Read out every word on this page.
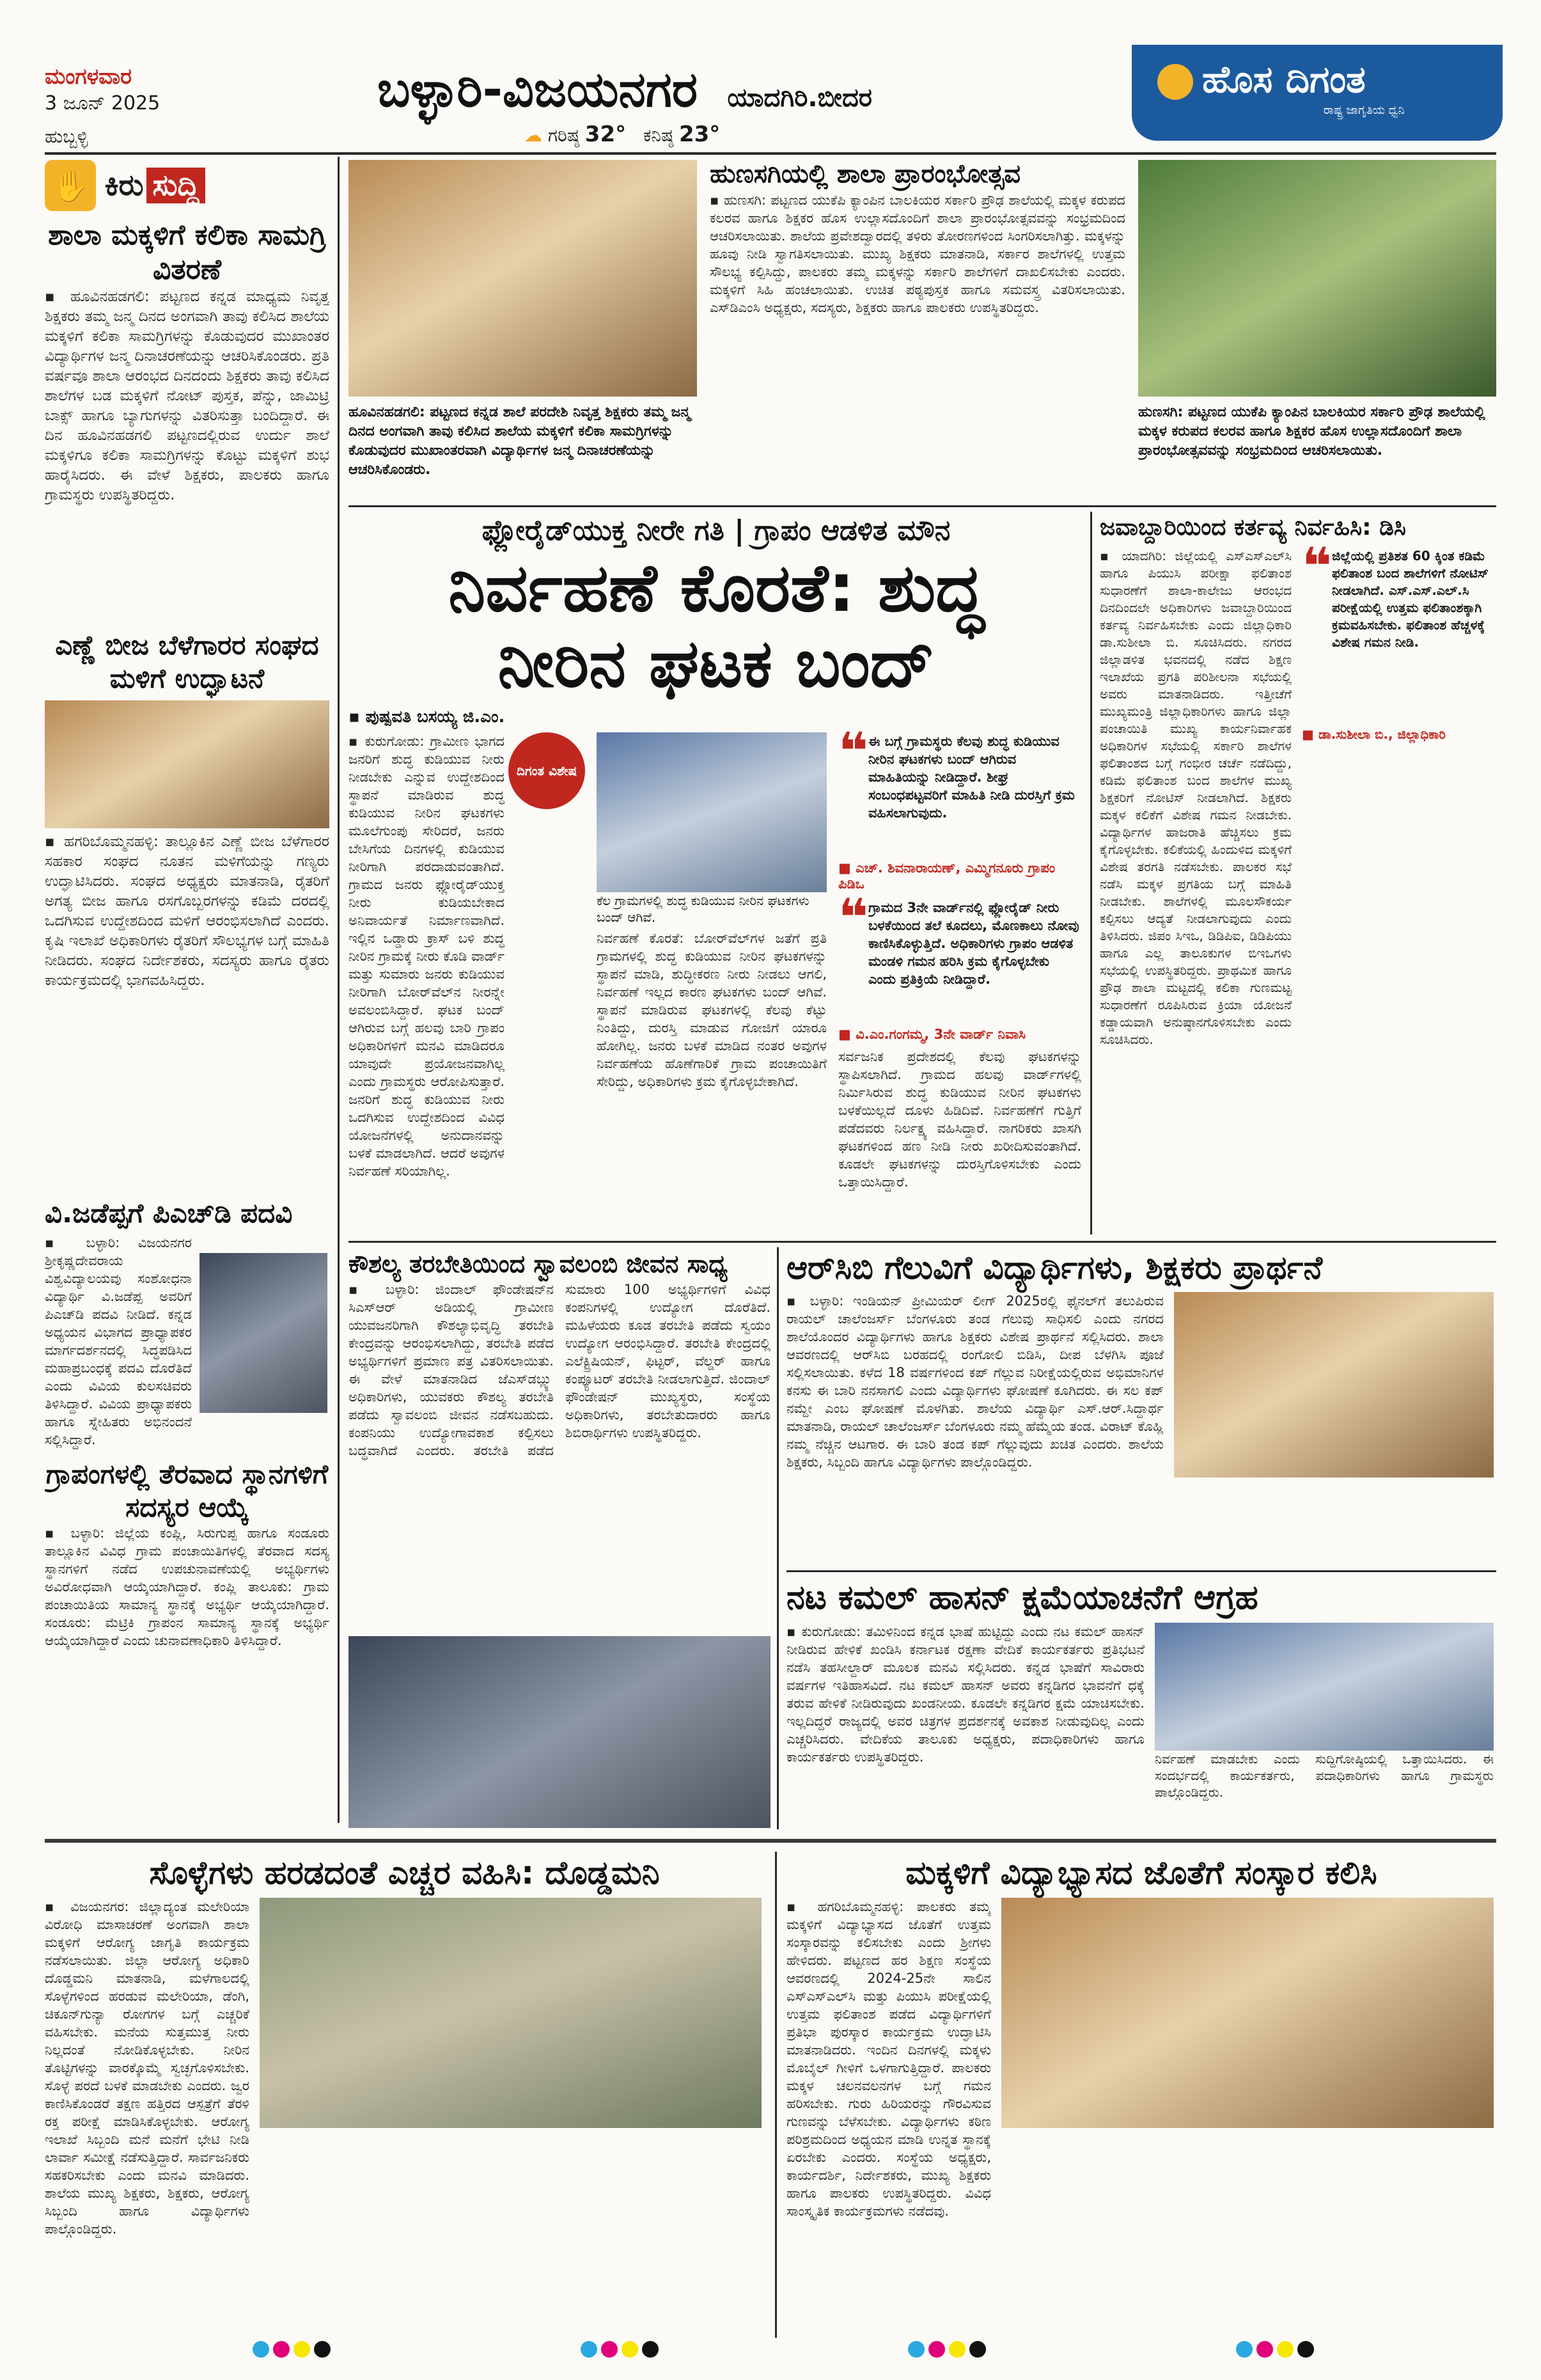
ಮಂಗಳವಾರ
3 ಜೂನ್ 2025
ಹುಬ್ಬಳ್ಳಿ
ಬಳ್ಳಾರಿ-ವಿಜಯನಗರ ಯಾದಗಿರಿ.ಬೀದರ
☁ ಗರಿಷ್ಠ 32° ಕನಿಷ್ಠ 23°
ಹೊಸ ದಿಗಂತ
ರಾಷ್ಟ್ರ ಜಾಗೃತಿಯ ಧ್ವನಿ
10
✋ ಕಿರು ಸುದ್ದಿ
ಶಾಲಾ ಮಕ್ಕಳಿಗೆ ಕಲಿಕಾ ಸಾಮಗ್ರಿ ವಿತರಣೆ
▪ ಹೂವಿನಹಡಗಲಿ: ಪಟ್ಟಣದ ಕನ್ನಡ ಮಾಧ್ಯಮ ನಿವೃತ್ತ ಶಿಕ್ಷಕರು ತಮ್ಮ ಜನ್ಮ ದಿನದ ಅಂಗವಾಗಿ ತಾವು ಕಲಿಸಿದ ಶಾಲೆಯ ಮಕ್ಕಳಿಗೆ ಕಲಿಕಾ ಸಾಮಗ್ರಿಗಳನ್ನು ಕೊಡುವುದರ ಮುಖಾಂತರ ವಿದ್ಯಾರ್ಥಿಗಳ ಜನ್ಮ ದಿನಾಚರಣೆಯನ್ನು ಆಚರಿಸಿಕೊಂಡರು. ಪ್ರತಿ ವರ್ಷವೂ ಶಾಲಾ ಆರಂಭದ ದಿನದಂದು ಶಿಕ್ಷಕರು ತಾವು ಕಲಿಸಿದ ಶಾಲೆಗಳ ಬಡ ಮಕ್ಕಳಿಗೆ ನೋಟ್ ಪುಸ್ತಕ, ಪೆನ್ನು, ಜಾಮಿಟ್ರಿ ಬಾಕ್ಸ್ ಹಾಗೂ ಬ್ಯಾಗುಗಳನ್ನು ವಿತರಿಸುತ್ತಾ ಬಂದಿದ್ದಾರೆ. ಈ ದಿನ ಹೂವಿನಹಡಗಲಿ ಪಟ್ಟಣದಲ್ಲಿರುವ ಉರ್ದು ಶಾಲೆ ಮಕ್ಕಳಿಗೂ ಕಲಿಕಾ ಸಾಮಗ್ರಿಗಳನ್ನು ಕೊಟ್ಟು ಮಕ್ಕಳಿಗೆ ಶುಭ ಹಾರೈಸಿದರು. ಈ ವೇಳೆ ಶಿಕ್ಷಕರು, ಪಾಲಕರು ಹಾಗೂ ಗ್ರಾಮಸ್ಥರು ಉಪಸ್ಥಿತರಿದ್ದರು.
ಎಣ್ಣೆ ಬೀಜ ಬೆಳೆಗಾರರ ಸಂಘದ ಮಳಿಗೆ ಉದ್ಘಾಟನೆ
▪ ಹಗರಿಬೊಮ್ಮನಹಳ್ಳಿ: ತಾಲ್ಲೂಕಿನ ಎಣ್ಣೆ ಬೀಜ ಬೆಳೆಗಾರರ ಸಹಕಾರ ಸಂಘದ ನೂತನ ಮಳಿಗೆಯನ್ನು ಗಣ್ಯರು ಉದ್ಘಾಟಿಸಿದರು. ಸಂಘದ ಅಧ್ಯಕ್ಷರು ಮಾತನಾಡಿ, ರೈತರಿಗೆ ಅಗತ್ಯ ಬೀಜ ಹಾಗೂ ರಸಗೊಬ್ಬರಗಳನ್ನು ಕಡಿಮೆ ದರದಲ್ಲಿ ಒದಗಿಸುವ ಉದ್ದೇಶದಿಂದ ಮಳಿಗೆ ಆರಂಭಿಸಲಾಗಿದೆ ಎಂದರು. ಕೃಷಿ ಇಲಾಖೆ ಅಧಿಕಾರಿಗಳು ರೈತರಿಗೆ ಸೌಲಭ್ಯಗಳ ಬಗ್ಗೆ ಮಾಹಿತಿ ನೀಡಿದರು. ಸಂಘದ ನಿರ್ದೇಶಕರು, ಸದಸ್ಯರು ಹಾಗೂ ರೈತರು ಕಾರ್ಯಕ್ರಮದಲ್ಲಿ ಭಾಗವಹಿಸಿದ್ದರು.
ವಿ.ಜಡೆಪ್ಪಗೆ ಪಿಎಚ್‌ಡಿ ಪದವಿ
▪ ಬಳ್ಳಾರಿ: ವಿಜಯನಗರ ಶ್ರೀಕೃಷ್ಣದೇವರಾಯ ವಿಶ್ವವಿದ್ಯಾಲಯವು ಸಂಶೋಧನಾ ವಿದ್ಯಾರ್ಥಿ ವಿ.ಜಡೆಪ್ಪ ಅವರಿಗೆ ಪಿಎಚ್‌ಡಿ ಪದವಿ ನೀಡಿದೆ. ಕನ್ನಡ ಅಧ್ಯಯನ ವಿಭಾಗದ ಪ್ರಾಧ್ಯಾಪಕರ ಮಾರ್ಗದರ್ಶನದಲ್ಲಿ ಸಿದ್ಧಪಡಿಸಿದ ಮಹಾಪ್ರಬಂಧಕ್ಕೆ ಪದವಿ ದೊರೆತಿದೆ ಎಂದು ವಿವಿಯ ಕುಲಸಚಿವರು ತಿಳಿಸಿದ್ದಾರೆ. ವಿವಿಯ ಪ್ರಾಧ್ಯಾಪಕರು ಹಾಗೂ ಸ್ನೇಹಿತರು ಅಭಿನಂದನೆ ಸಲ್ಲಿಸಿದ್ದಾರೆ.
ಗ್ರಾಪಂಗಳಲ್ಲಿ ತೆರವಾದ ಸ್ಥಾನಗಳಿಗೆ ಸದಸ್ಯರ ಆಯ್ಕೆ
▪ ಬಳ್ಳಾರಿ: ಜಿಲ್ಲೆಯ ಕಂಪ್ಲಿ, ಸಿರುಗುಪ್ಪ ಹಾಗೂ ಸಂಡೂರು ತಾಲ್ಲೂಕಿನ ವಿವಿಧ ಗ್ರಾಮ ಪಂಚಾಯಿತಿಗಳಲ್ಲಿ ತೆರವಾದ ಸದಸ್ಯ ಸ್ಥಾನಗಳಿಗೆ ನಡೆದ ಉಪಚುನಾವಣೆಯಲ್ಲಿ ಅಭ್ಯರ್ಥಿಗಳು ಅವಿರೋಧವಾಗಿ ಆಯ್ಕೆಯಾಗಿದ್ದಾರೆ. ಕಂಪ್ಲಿ ತಾಲೂಕು: ಗ್ರಾಮ ಪಂಚಾಯಿತಿಯ ಸಾಮಾನ್ಯ ಸ್ಥಾನಕ್ಕೆ ಅಭ್ಯರ್ಥಿ ಆಯ್ಕೆಯಾಗಿದ್ದಾರೆ. ಸಂಡೂರು: ಮೆಟ್ರಿಕಿ ಗ್ರಾಪಂನ ಸಾಮಾನ್ಯ ಸ್ಥಾನಕ್ಕೆ ಅಭ್ಯರ್ಥಿ ಆಯ್ಕೆಯಾಗಿದ್ದಾರೆ ಎಂದು ಚುನಾವಣಾಧಿಕಾರಿ ತಿಳಿಸಿದ್ದಾರೆ.
ಹೂವಿನಹಡಗಲಿ: ಪಟ್ಟಣದ ಕನ್ನಡ ಶಾಲೆ ಪರದೇಶಿ ನಿವೃತ್ತ ಶಿಕ್ಷಕರು ತಮ್ಮ ಜನ್ಮ ದಿನದ ಅಂಗವಾಗಿ ತಾವು ಕಲಿಸಿದ ಶಾಲೆಯ ಮಕ್ಕಳಿಗೆ ಕಲಿಕಾ ಸಾಮಗ್ರಿಗಳನ್ನು ಕೊಡುವುದರ ಮುಖಾಂತರವಾಗಿ ವಿದ್ಯಾರ್ಥಿಗಳ ಜನ್ಮ ದಿನಾಚರಣೆಯನ್ನು ಆಚರಿಸಿಕೊಂಡರು.
ಹುಣಸಗಿಯಲ್ಲಿ ಶಾಲಾ ಪ್ರಾರಂಭೋತ್ಸವ
▪ ಹುಣಸಗಿ: ಪಟ್ಟಣದ ಯುಕೆಪಿ ಕ್ಯಾಂಪಿನ ಬಾಲಕಿಯರ ಸರ್ಕಾರಿ ಪ್ರೌಢ ಶಾಲೆಯಲ್ಲಿ ಮಕ್ಕಳ ಕರುಪದ ಕಲರವ ಹಾಗೂ ಶಿಕ್ಷಕರ ಹೊಸ ಉಲ್ಲಾಸದೊಂದಿಗೆ ಶಾಲಾ ಪ್ರಾರಂಭೋತ್ಸವವನ್ನು ಸಂಭ್ರಮದಿಂದ ಆಚರಿಸಲಾಯಿತು. ಶಾಲೆಯ ಪ್ರವೇಶದ್ವಾರದಲ್ಲಿ ತಳಿರು ತೋರಣಗಳಿಂದ ಸಿಂಗರಿಸಲಾಗಿತ್ತು. ಮಕ್ಕಳನ್ನು ಹೂವು ನೀಡಿ ಸ್ವಾಗತಿಸಲಾಯಿತು. ಮುಖ್ಯ ಶಿಕ್ಷಕರು ಮಾತನಾಡಿ, ಸರ್ಕಾರ ಶಾಲೆಗಳಲ್ಲಿ ಉತ್ತಮ ಸೌಲಭ್ಯ ಕಲ್ಪಿಸಿದ್ದು, ಪಾಲಕರು ತಮ್ಮ ಮಕ್ಕಳನ್ನು ಸರ್ಕಾರಿ ಶಾಲೆಗಳಿಗೆ ದಾಖಲಿಸಬೇಕು ಎಂದರು. ಮಕ್ಕಳಿಗೆ ಸಿಹಿ ಹಂಚಲಾಯಿತು. ಉಚಿತ ಪಠ್ಯಪುಸ್ತಕ ಹಾಗೂ ಸಮವಸ್ತ್ರ ವಿತರಿಸಲಾಯಿತು. ಎಸ್‌ಡಿಎಂಸಿ ಅಧ್ಯಕ್ಷರು, ಸದಸ್ಯರು, ಶಿಕ್ಷಕರು ಹಾಗೂ ಪಾಲಕರು ಉಪಸ್ಥಿತರಿದ್ದರು.
ಹುಣಸಗಿ: ಪಟ್ಟಣದ ಯುಕೆಪಿ ಕ್ಯಾಂಪಿನ ಬಾಲಕಿಯರ ಸರ್ಕಾರಿ ಪ್ರೌಢ ಶಾಲೆಯಲ್ಲಿ ಮಕ್ಕಳ ಕರುಪದ ಕಲರವ ಹಾಗೂ ಶಿಕ್ಷಕರ ಹೊಸ ಉಲ್ಲಾಸದೊಂದಿಗೆ ಶಾಲಾ ಪ್ರಾರಂಭೋತ್ಸವವನ್ನು ಸಂಭ್ರಮದಿಂದ ಆಚರಿಸಲಾಯಿತು.
ಫ್ಲೋರೈಡ್‌ಯುಕ್ತ ನೀರೇ ಗತಿ | ಗ್ರಾಪಂ ಆಡಳಿತ ಮೌನ
ನಿರ್ವಹಣೆ ಕೊರತೆ: ಶುದ್ಧ
ನೀರಿನ ಘಟಕ ಬಂದ್
▪ ಪುಷ್ಪವತಿ ಬಸಯ್ಯ ಜಿ.ಎಂ.
ದಿಗಂತ ವಿಶೇಷ
▪ ಕುರುಗೋಡು: ಗ್ರಾಮೀಣ ಭಾಗದ ಜನರಿಗೆ ಶುದ್ಧ ಕುಡಿಯುವ ನೀರು ನೀಡಬೇಕು ಎನ್ನುವ ಉದ್ದೇಶದಿಂದ ಸ್ಥಾಪನೆ ಮಾಡಿರುವ ಶುದ್ಧ ಕುಡಿಯುವ ನೀರಿನ ಘಟಕಗಳು ಮೂಲೆಗುಂಪು ಸೇರಿದರೆ, ಜನರು ಬೇಸಿಗೆಯ ದಿನಗಳಲ್ಲಿ ಕುಡಿಯುವ ನೀರಿಗಾಗಿ ಪರದಾಡುವಂತಾಗಿದೆ. ಗ್ರಾಮದ ಜನರು ಫ್ಲೋರೈಡ್‌ಯುಕ್ತ ನೀರು ಕುಡಿಯಬೇಕಾದ ಅನಿವಾರ್ಯತೆ ನಿರ್ಮಾಣವಾಗಿದೆ. ಇಲ್ಲಿನ ಒಡ್ಡಾರು ಕ್ರಾಸ್ ಬಳಿ ಶುದ್ಧ ನೀರಿನ ಗ್ರಾಮಕ್ಕೆ ನೀರು ಕೊಡಿ ವಾರ್ಡ್ ಮತ್ತು ಸುಮಾರು ಜನರು ಕುಡಿಯುವ ನೀರಿಗಾಗಿ ಬೋರ್‌ವೆಲ್‌ನ ನೀರನ್ನೇ ಅವಲಂಬಿಸಿದ್ದಾರೆ. ಘಟಕ ಬಂದ್ ಆಗಿರುವ ಬಗ್ಗೆ ಹಲವು ಬಾರಿ ಗ್ರಾಪಂ ಅಧಿಕಾರಿಗಳಿಗೆ ಮನವಿ ಮಾಡಿದರೂ ಯಾವುದೇ ಪ್ರಯೋಜನವಾಗಿಲ್ಲ ಎಂದು ಗ್ರಾಮಸ್ಥರು ಆರೋಪಿಸುತ್ತಾರೆ. ಜನರಿಗೆ ಶುದ್ಧ ಕುಡಿಯುವ ನೀರು ಒದಗಿಸುವ ಉದ್ದೇಶದಿಂದ ವಿವಿಧ ಯೋಜನೆಗಳಲ್ಲಿ ಅನುದಾನವನ್ನು ಬಳಕೆ ಮಾಡಲಾಗಿದೆ. ಆದರೆ ಅವುಗಳ ನಿರ್ವಹಣೆ ಸರಿಯಾಗಿಲ್ಲ.
ಕೆಲ ಗ್ರಾಮಗಳಲ್ಲಿ ಶುದ್ಧ ಕುಡಿಯುವ ನೀರಿನ ಘಟಕಗಳು ಬಂದ್ ಆಗಿವೆ.
ನಿರ್ವಹಣೆ ಕೊರತೆ: ಬೋರ್‌ವೆಲ್‌ಗಳ ಜತೆಗೆ ಪ್ರತಿ ಗ್ರಾಮಗಳಲ್ಲಿ ಶುದ್ಧ ಕುಡಿಯುವ ನೀರಿನ ಘಟಕಗಳನ್ನು ಸ್ಥಾಪನೆ ಮಾಡಿ, ಶುದ್ಧೀಕರಣ ನೀರು ನೀಡಲು ಆಗಲಿ, ನಿರ್ವಹಣೆ ಇಲ್ಲದ ಕಾರಣ ಘಟಕಗಳು ಬಂದ್ ಆಗಿವೆ. ಸ್ಥಾಪನೆ ಮಾಡಿರುವ ಘಟಕಗಳಲ್ಲಿ ಕೆಲವು ಕೆಟ್ಟು ನಿಂತಿದ್ದು, ದುರಸ್ತಿ ಮಾಡುವ ಗೋಜಿಗೆ ಯಾರೂ ಹೋಗಿಲ್ಲ. ಜನರು ಬಳಕೆ ಮಾಡಿದ ನಂತರ ಅವುಗಳ ನಿರ್ವಹಣೆಯ ಹೊಣೆಗಾರಿಕೆ ಗ್ರಾಮ ಪಂಚಾಯಿತಿಗೆ ಸೇರಿದ್ದು, ಅಧಿಕಾರಿಗಳು ಕ್ರಮ ಕೈಗೊಳ್ಳಬೇಕಾಗಿದೆ.
❝ ಈ ಬಗ್ಗೆ ಗ್ರಾಮಸ್ಥರು ಕೆಲವು ಶುದ್ಧ ಕುಡಿಯುವ ನೀರಿನ ಘಟಕಗಳು ಬಂದ್ ಆಗಿರುವ ಮಾಹಿತಿಯನ್ನು ನೀಡಿದ್ದಾರೆ. ಶೀಘ್ರ ಸಂಬಂಧಪಟ್ಟವರಿಗೆ ಮಾಹಿತಿ ನೀಡಿ ದುರಸ್ತಿಗೆ ಕ್ರಮ ವಹಿಸಲಾಗುವುದು.
■ ಎಚ್. ಶಿವನಾರಾಯಣ್, ಎಮ್ಮಿಗನೂರು ಗ್ರಾಪಂ ಪಿಡಿಒ
❝ ಗ್ರಾಮದ 3ನೇ ವಾರ್ಡ್‌ನಲ್ಲಿ ಫ್ಲೋರೈಡ್ ನೀರು ಬಳಕೆಯಿಂದ ತಲೆ ಕೂದಲು, ಮೊಣಕಾಲು ನೋವು ಕಾಣಿಸಿಕೊಳ್ಳುತ್ತಿದೆ. ಅಧಿಕಾರಿಗಳು ಗ್ರಾಪಂ ಆಡಳಿತ ಮಂಡಳಿ ಗಮನ ಹರಿಸಿ ಕ್ರಮ ಕೈಗೊಳ್ಳಬೇಕು ಎಂದು ಪ್ರತಿಕ್ರಿಯೆ ನೀಡಿದ್ದಾರೆ.
■ ವಿ.ಎಂ.ಗಂಗಮ್ಮ, 3ನೇ ವಾರ್ಡ್ ನಿವಾಸಿ
ಸರ್ವಜನಿಕ ಪ್ರದೇಶದಲ್ಲಿ ಕೆಲವು ಘಟಕಗಳನ್ನು ಸ್ಥಾಪಿಸಲಾಗಿದೆ. ಗ್ರಾಮದ ಹಲವು ವಾರ್ಡ್‌ಗಳಲ್ಲಿ ನಿರ್ಮಿಸಿರುವ ಶುದ್ಧ ಕುಡಿಯುವ ನೀರಿನ ಘಟಕಗಳು ಬಳಕೆಯಿಲ್ಲದೆ ದೂಳು ಹಿಡಿದಿವೆ. ನಿರ್ವಹಣೆಗೆ ಗುತ್ತಿಗೆ ಪಡೆದವರು ನಿರ್ಲಕ್ಷ್ಯ ವಹಿಸಿದ್ದಾರೆ. ನಾಗರಿಕರು ಖಾಸಗಿ ಘಟಕಗಳಿಂದ ಹಣ ನೀಡಿ ನೀರು ಖರೀದಿಸುವಂತಾಗಿದೆ. ಕೂಡಲೇ ಘಟಕಗಳನ್ನು ದುರಸ್ತಿಗೊಳಿಸಬೇಕು ಎಂದು ಒತ್ತಾಯಿಸಿದ್ದಾರೆ.
ಜವಾಬ್ದಾರಿಯಿಂದ ಕರ್ತವ್ಯ ನಿರ್ವಹಿಸಿ: ಡಿಸಿ
▪ ಯಾದಗಿರಿ: ಜಿಲ್ಲೆಯಲ್ಲಿ ಎಸ್ಎಸ್ಎಲ್‌ಸಿ ಹಾಗೂ ಪಿಯುಸಿ ಪರೀಕ್ಷಾ ಫಲಿತಾಂಶ ಸುಧಾರಣೆಗೆ ಶಾಲಾ-ಕಾಲೇಜು ಆರಂಭದ ದಿನದಿಂದಲೇ ಅಧಿಕಾರಿಗಳು ಜವಾಬ್ದಾರಿಯಿಂದ ಕರ್ತವ್ಯ ನಿರ್ವಹಿಸಬೇಕು ಎಂದು ಜಿಲ್ಲಾಧಿಕಾರಿ ಡಾ.ಸುಶೀಲಾ ಬಿ. ಸೂಚಿಸಿದರು. ನಗರದ ಜಿಲ್ಲಾಡಳಿತ ಭವನದಲ್ಲಿ ನಡೆದ ಶಿಕ್ಷಣ ಇಲಾಖೆಯ ಪ್ರಗತಿ ಪರಿಶೀಲನಾ ಸಭೆಯಲ್ಲಿ ಅವರು ಮಾತನಾಡಿದರು. ಇತ್ತೀಚೆಗೆ ಮುಖ್ಯಮಂತ್ರಿ ಜಿಲ್ಲಾಧಿಕಾರಿಗಳು ಹಾಗೂ ಜಿಲ್ಲಾ ಪಂಚಾಯಿತಿ ಮುಖ್ಯ ಕಾರ್ಯನಿರ್ವಾಹಕ ಅಧಿಕಾರಿಗಳ ಸಭೆಯಲ್ಲಿ ಸರ್ಕಾರಿ ಶಾಲೆಗಳ ಫಲಿತಾಂಶದ ಬಗ್ಗೆ ಗಂಭೀರ ಚರ್ಚೆ ನಡೆದಿದ್ದು, ಕಡಿಮೆ ಫಲಿತಾಂಶ ಬಂದ ಶಾಲೆಗಳ ಮುಖ್ಯ ಶಿಕ್ಷಕರಿಗೆ ನೋಟಿಸ್ ನೀಡಲಾಗಿದೆ. ಶಿಕ್ಷಕರು ಮಕ್ಕಳ ಕಲಿಕೆಗೆ ವಿಶೇಷ ಗಮನ ನೀಡಬೇಕು. ವಿದ್ಯಾರ್ಥಿಗಳ ಹಾಜರಾತಿ ಹೆಚ್ಚಿಸಲು ಕ್ರಮ ಕೈಗೊಳ್ಳಬೇಕು. ಕಲಿಕೆಯಲ್ಲಿ ಹಿಂದುಳಿದ ಮಕ್ಕಳಿಗೆ ವಿಶೇಷ ತರಗತಿ ನಡೆಸಬೇಕು. ಪಾಲಕರ ಸಭೆ ನಡೆಸಿ ಮಕ್ಕಳ ಪ್ರಗತಿಯ ಬಗ್ಗೆ ಮಾಹಿತಿ ನೀಡಬೇಕು. ಶಾಲೆಗಳಲ್ಲಿ ಮೂಲಸೌಕರ್ಯ ಕಲ್ಪಿಸಲು ಆದ್ಯತೆ ನೀಡಲಾಗುವುದು ಎಂದು ತಿಳಿಸಿದರು. ಜಿಪಂ ಸಿಇಒ, ಡಿಡಿಪಿಐ, ಡಿಡಿಪಿಯು ಹಾಗೂ ಎಲ್ಲ ತಾಲೂಕುಗಳ ಬಿಇಒಗಳು ಸಭೆಯಲ್ಲಿ ಉಪಸ್ಥಿತರಿದ್ದರು. ಪ್ರಾಥಮಿಕ ಹಾಗೂ ಪ್ರೌಢ ಶಾಲಾ ಮಟ್ಟದಲ್ಲಿ ಕಲಿಕಾ ಗುಣಮಟ್ಟ ಸುಧಾರಣೆಗೆ ರೂಪಿಸಿರುವ ಕ್ರಿಯಾ ಯೋಜನೆ ಕಡ್ಡಾಯವಾಗಿ ಅನುಷ್ಠಾನಗೊಳಿಸಬೇಕು ಎಂದು ಸೂಚಿಸಿದರು.
❝ ಜಿಲ್ಲೆಯಲ್ಲಿ ಪ್ರತಿಶತ 60 ಕ್ಕಿಂತ ಕಡಿಮೆ ಫಲಿತಾಂಶ ಬಂದ ಶಾಲೆಗಳಿಗೆ ನೋಟಿಸ್ ನೀಡಲಾಗಿದೆ. ಎಸ್.ಎಸ್.ಎಲ್.ಸಿ ಪರೀಕ್ಷೆಯಲ್ಲಿ ಉತ್ತಮ ಫಲಿತಾಂಶಕ್ಕಾಗಿ ಕ್ರಮವಹಿಸಬೇಕು. ಫಲಿತಾಂಶ ಹೆಚ್ಚಳಕ್ಕೆ ವಿಶೇಷ ಗಮನ ನೀಡಿ.
■ ಡಾ.ಸುಶೀಲಾ ಬಿ., ಜಿಲ್ಲಾಧಿಕಾರಿ
ಕೌಶಲ್ಯ ತರಬೇತಿಯಿಂದ ಸ್ವಾವಲಂಬಿ ಜೀವನ ಸಾಧ್ಯ
▪ ಬಳ್ಳಾರಿ: ಜಿಂದಾಲ್ ಫೌಂಡೇಷನ್‌ನ ಸಿಎಸ್‌ಆರ್ ಅಡಿಯಲ್ಲಿ ಗ್ರಾಮೀಣ ಯುವಜನರಿಗಾಗಿ ಕೌಶಲ್ಯಾಭಿವೃದ್ಧಿ ತರಬೇತಿ ಕೇಂದ್ರವನ್ನು ಆರಂಭಿಸಲಾಗಿದ್ದು, ತರಬೇತಿ ಪಡೆದ ಅಭ್ಯರ್ಥಿಗಳಿಗೆ ಪ್ರಮಾಣ ಪತ್ರ ವಿತರಿಸಲಾಯಿತು. ಈ ವೇಳೆ ಮಾತನಾಡಿದ ಜೆಎಸ್‌ಡಬ್ಲ್ಯು ಅಧಿಕಾರಿಗಳು, ಯುವಕರು ಕೌಶಲ್ಯ ತರಬೇತಿ ಪಡೆದು ಸ್ವಾವಲಂಬಿ ಜೀವನ ನಡೆಸಬಹುದು. ಕಂಪನಿಯು ಉದ್ಯೋಗಾವಕಾಶ ಕಲ್ಪಿಸಲು ಬದ್ಧವಾಗಿದೆ ಎಂದರು. ತರಬೇತಿ ಪಡೆದ ಸುಮಾರು 100 ಅಭ್ಯರ್ಥಿಗಳಿಗೆ ವಿವಿಧ ಕಂಪನಿಗಳಲ್ಲಿ ಉದ್ಯೋಗ ದೊರೆತಿದೆ. ಮಹಿಳೆಯರು ಕೂಡ ತರಬೇತಿ ಪಡೆದು ಸ್ವಯಂ ಉದ್ಯೋಗ ಆರಂಭಿಸಿದ್ದಾರೆ. ತರಬೇತಿ ಕೇಂದ್ರದಲ್ಲಿ ಎಲೆಕ್ಟ್ರಿಷಿಯನ್, ಫಿಟ್ಟರ್, ವೆಲ್ಡರ್ ಹಾಗೂ ಕಂಪ್ಯೂಟರ್ ತರಬೇತಿ ನೀಡಲಾಗುತ್ತಿದೆ. ಜಿಂದಾಲ್ ಫೌಂಡೇಷನ್ ಮುಖ್ಯಸ್ಥರು, ಸಂಸ್ಥೆಯ ಅಧಿಕಾರಿಗಳು, ತರಬೇತುದಾರರು ಹಾಗೂ ಶಿಬಿರಾರ್ಥಿಗಳು ಉಪಸ್ಥಿತರಿದ್ದರು.
ಆರ್‌ಸಿಬಿ ಗೆಲುವಿಗೆ ವಿದ್ಯಾರ್ಥಿಗಳು, ಶಿಕ್ಷಕರು ಪ್ರಾರ್ಥನೆ
▪ ಬಳ್ಳಾರಿ: ಇಂಡಿಯನ್ ಪ್ರೀಮಿಯರ್ ಲೀಗ್ 2025ರಲ್ಲಿ ಫೈನಲ್‌ಗೆ ತಲುಪಿರುವ ರಾಯಲ್ ಚಾಲೆಂಜರ್ಸ್ ಬೆಂಗಳೂರು ತಂಡ ಗೆಲುವು ಸಾಧಿಸಲಿ ಎಂದು ನಗರದ ಶಾಲೆಯೊಂದರ ವಿದ್ಯಾರ್ಥಿಗಳು ಹಾಗೂ ಶಿಕ್ಷಕರು ವಿಶೇಷ ಪ್ರಾರ್ಥನೆ ಸಲ್ಲಿಸಿದರು. ಶಾಲಾ ಆವರಣದಲ್ಲಿ ಆರ್‌ಸಿಬಿ ಬರಹದಲ್ಲಿ ರಂಗೋಲಿ ಬಿಡಿಸಿ, ದೀಪ ಬೆಳಗಿಸಿ ಪೂಜೆ ಸಲ್ಲಿಸಲಾಯಿತು. ಕಳೆದ 18 ವರ್ಷಗಳಿಂದ ಕಪ್ ಗೆಲ್ಲುವ ನಿರೀಕ್ಷೆಯಲ್ಲಿರುವ ಅಭಿಮಾನಿಗಳ ಕನಸು ಈ ಬಾರಿ ನನಸಾಗಲಿ ಎಂದು ವಿದ್ಯಾರ್ಥಿಗಳು ಘೋಷಣೆ ಕೂಗಿದರು. ಈ ಸಲ ಕಪ್ ನಮ್ದೇ ಎಂಬ ಘೋಷಣೆ ಮೊಳಗಿತು. ಶಾಲೆಯ ವಿದ್ಯಾರ್ಥಿ ಎಸ್.ಆರ್.ಸಿದ್ದಾರ್ಥ ಮಾತನಾಡಿ, ರಾಯಲ್ ಚಾಲೆಂಜರ್ಸ್ ಬೆಂಗಳೂರು ನಮ್ಮ ಹೆಮ್ಮೆಯ ತಂಡ. ವಿರಾಟ್ ಕೊಹ್ಲಿ ನಮ್ಮ ನೆಚ್ಚಿನ ಆಟಗಾರ. ಈ ಬಾರಿ ತಂಡ ಕಪ್ ಗೆಲ್ಲುವುದು ಖಚಿತ ಎಂದರು. ಶಾಲೆಯ ಶಿಕ್ಷಕರು, ಸಿಬ್ಬಂದಿ ಹಾಗೂ ವಿದ್ಯಾರ್ಥಿಗಳು ಪಾಲ್ಗೊಂಡಿದ್ದರು.
ನಟ ಕಮಲ್ ಹಾಸನ್ ಕ್ಷಮೆಯಾಚನೆಗೆ ಆಗ್ರಹ
▪ ಕುರುಗೋಡು: ತಮಿಳಿನಿಂದ ಕನ್ನಡ ಭಾಷೆ ಹುಟ್ಟಿದ್ದು ಎಂದು ನಟ ಕಮಲ್ ಹಾಸನ್ ನೀಡಿರುವ ಹೇಳಿಕೆ ಖಂಡಿಸಿ ಕರ್ನಾಟಕ ರಕ್ಷಣಾ ವೇದಿಕೆ ಕಾರ್ಯಕರ್ತರು ಪ್ರತಿಭಟನೆ ನಡೆಸಿ ತಹಸೀಲ್ದಾರ್ ಮೂಲಕ ಮನವಿ ಸಲ್ಲಿಸಿದರು. ಕನ್ನಡ ಭಾಷೆಗೆ ಸಾವಿರಾರು ವರ್ಷಗಳ ಇತಿಹಾಸವಿದೆ. ನಟ ಕಮಲ್ ಹಾಸನ್ ಅವರು ಕನ್ನಡಿಗರ ಭಾವನೆಗೆ ಧಕ್ಕೆ ತರುವ ಹೇಳಿಕೆ ನೀಡಿರುವುದು ಖಂಡನೀಯ. ಕೂಡಲೇ ಕನ್ನಡಿಗರ ಕ್ಷಮೆ ಯಾಚಿಸಬೇಕು. ಇಲ್ಲದಿದ್ದರೆ ರಾಜ್ಯದಲ್ಲಿ ಅವರ ಚಿತ್ರಗಳ ಪ್ರದರ್ಶನಕ್ಕೆ ಅವಕಾಶ ನೀಡುವುದಿಲ್ಲ ಎಂದು ಎಚ್ಚರಿಸಿದರು. ವೇದಿಕೆಯ ತಾಲೂಕು ಅಧ್ಯಕ್ಷರು, ಪದಾಧಿಕಾರಿಗಳು ಹಾಗೂ ಕಾರ್ಯಕರ್ತರು ಉಪಸ್ಥಿತರಿದ್ದರು.	ನಿರ್ವಹಣೆ ಮಾಡಬೇಕು ಎಂದು ಸುದ್ದಿಗೋಷ್ಠಿಯಲ್ಲಿ ಒತ್ತಾಯಿಸಿದರು. ಈ ಸಂದರ್ಭದಲ್ಲಿ ಕಾರ್ಯಕರ್ತರು, ಪದಾಧಿಕಾರಿಗಳು ಹಾಗೂ ಗ್ರಾಮಸ್ಥರು ಪಾಲ್ಗೊಂಡಿದ್ದರು.
ಸೊಳ್ಳೆಗಳು ಹರಡದಂತೆ ಎಚ್ಚರ ವಹಿಸಿ: ದೊಡ್ಡಮನಿ
▪ ವಿಜಯನಗರ: ಜಿಲ್ಲಾದ್ಯಂತ ಮಲೇರಿಯಾ ವಿರೋಧಿ ಮಾಸಾಚರಣೆ ಅಂಗವಾಗಿ ಶಾಲಾ ಮಕ್ಕಳಿಗೆ ಆರೋಗ್ಯ ಜಾಗೃತಿ ಕಾರ್ಯಕ್ರಮ ನಡೆಸಲಾಯಿತು. ಜಿಲ್ಲಾ ಆರೋಗ್ಯ ಅಧಿಕಾರಿ ದೊಡ್ಡಮನಿ ಮಾತನಾಡಿ, ಮಳೆಗಾಲದಲ್ಲಿ ಸೊಳ್ಳೆಗಳಿಂದ ಹರಡುವ ಮಲೇರಿಯಾ, ಡೆಂಗಿ, ಚಿಕೂನ್‌ಗುನ್ಯಾ ರೋಗಗಳ ಬಗ್ಗೆ ಎಚ್ಚರಿಕೆ ವಹಿಸಬೇಕು. ಮನೆಯ ಸುತ್ತಮುತ್ತ ನೀರು ನಿಲ್ಲದಂತೆ ನೋಡಿಕೊಳ್ಳಬೇಕು. ನೀರಿನ ತೊಟ್ಟಿಗಳನ್ನು ವಾರಕ್ಕೊಮ್ಮೆ ಸ್ವಚ್ಛಗೊಳಿಸಬೇಕು. ಸೊಳ್ಳೆ ಪರದೆ ಬಳಕೆ ಮಾಡಬೇಕು ಎಂದರು. ಜ್ವರ ಕಾಣಿಸಿಕೊಂಡರೆ ತಕ್ಷಣ ಹತ್ತಿರದ ಆಸ್ಪತ್ರೆಗೆ ತೆರಳಿ ರಕ್ತ ಪರೀಕ್ಷೆ ಮಾಡಿಸಿಕೊಳ್ಳಬೇಕು. ಆರೋಗ್ಯ ಇಲಾಖೆ ಸಿಬ್ಬಂದಿ ಮನೆ ಮನೆಗೆ ಭೇಟಿ ನೀಡಿ ಲಾರ್ವಾ ಸಮೀಕ್ಷೆ ನಡೆಸುತ್ತಿದ್ದಾರೆ. ಸಾರ್ವಜನಿಕರು ಸಹಕರಿಸಬೇಕು ಎಂದು ಮನವಿ ಮಾಡಿದರು. ಶಾಲೆಯ ಮುಖ್ಯ ಶಿಕ್ಷಕರು, ಶಿಕ್ಷಕರು, ಆರೋಗ್ಯ ಸಿಬ್ಬಂದಿ ಹಾಗೂ ವಿದ್ಯಾರ್ಥಿಗಳು ಪಾಲ್ಗೊಂಡಿದ್ದರು.
ಮಕ್ಕಳಿಗೆ ವಿದ್ಯಾಭ್ಯಾಸದ ಜೊತೆಗೆ ಸಂಸ್ಕಾರ ಕಲಿಸಿ
▪ ಹಗರಿಬೊಮ್ಮನಹಳ್ಳಿ: ಪಾಲಕರು ತಮ್ಮ ಮಕ್ಕಳಿಗೆ ವಿದ್ಯಾಭ್ಯಾಸದ ಜೊತೆಗೆ ಉತ್ತಮ ಸಂಸ್ಕಾರವನ್ನು ಕಲಿಸಬೇಕು ಎಂದು ಶ್ರೀಗಳು ಹೇಳಿದರು. ಪಟ್ಟಣದ ಹರ ಶಿಕ್ಷಣ ಸಂಸ್ಥೆಯ ಆವರಣದಲ್ಲಿ 2024-25ನೇ ಸಾಲಿನ ಎಸ್ಎಸ್ಎಲ್‌ಸಿ ಮತ್ತು ಪಿಯುಸಿ ಪರೀಕ್ಷೆಯಲ್ಲಿ ಉತ್ತಮ ಫಲಿತಾಂಶ ಪಡೆದ ವಿದ್ಯಾರ್ಥಿಗಳಿಗೆ ಪ್ರತಿಭಾ ಪುರಸ್ಕಾರ ಕಾರ್ಯಕ್ರಮ ಉದ್ಘಾಟಿಸಿ ಮಾತನಾಡಿದರು. ಇಂದಿನ ದಿನಗಳಲ್ಲಿ ಮಕ್ಕಳು ಮೊಬೈಲ್ ಗೀಳಿಗೆ ಒಳಗಾಗುತ್ತಿದ್ದಾರೆ. ಪಾಲಕರು ಮಕ್ಕಳ ಚಲನವಲನಗಳ ಬಗ್ಗೆ ಗಮನ ಹರಿಸಬೇಕು. ಗುರು ಹಿರಿಯರನ್ನು ಗೌರವಿಸುವ ಗುಣವನ್ನು ಬೆಳೆಸಬೇಕು. ವಿದ್ಯಾರ್ಥಿಗಳು ಕಠಿಣ ಪರಿಶ್ರಮದಿಂದ ಅಧ್ಯಯನ ಮಾಡಿ ಉನ್ನತ ಸ್ಥಾನಕ್ಕೆ ಏರಬೇಕು ಎಂದರು. ಸಂಸ್ಥೆಯ ಅಧ್ಯಕ್ಷರು, ಕಾರ್ಯದರ್ಶಿ, ನಿರ್ದೇಶಕರು, ಮುಖ್ಯ ಶಿಕ್ಷಕರು ಹಾಗೂ ಪಾಲಕರು ಉಪಸ್ಥಿತರಿದ್ದರು. ವಿವಿಧ ಸಾಂಸ್ಕೃತಿಕ ಕಾರ್ಯಕ್ರಮಗಳು ನಡೆದವು.
